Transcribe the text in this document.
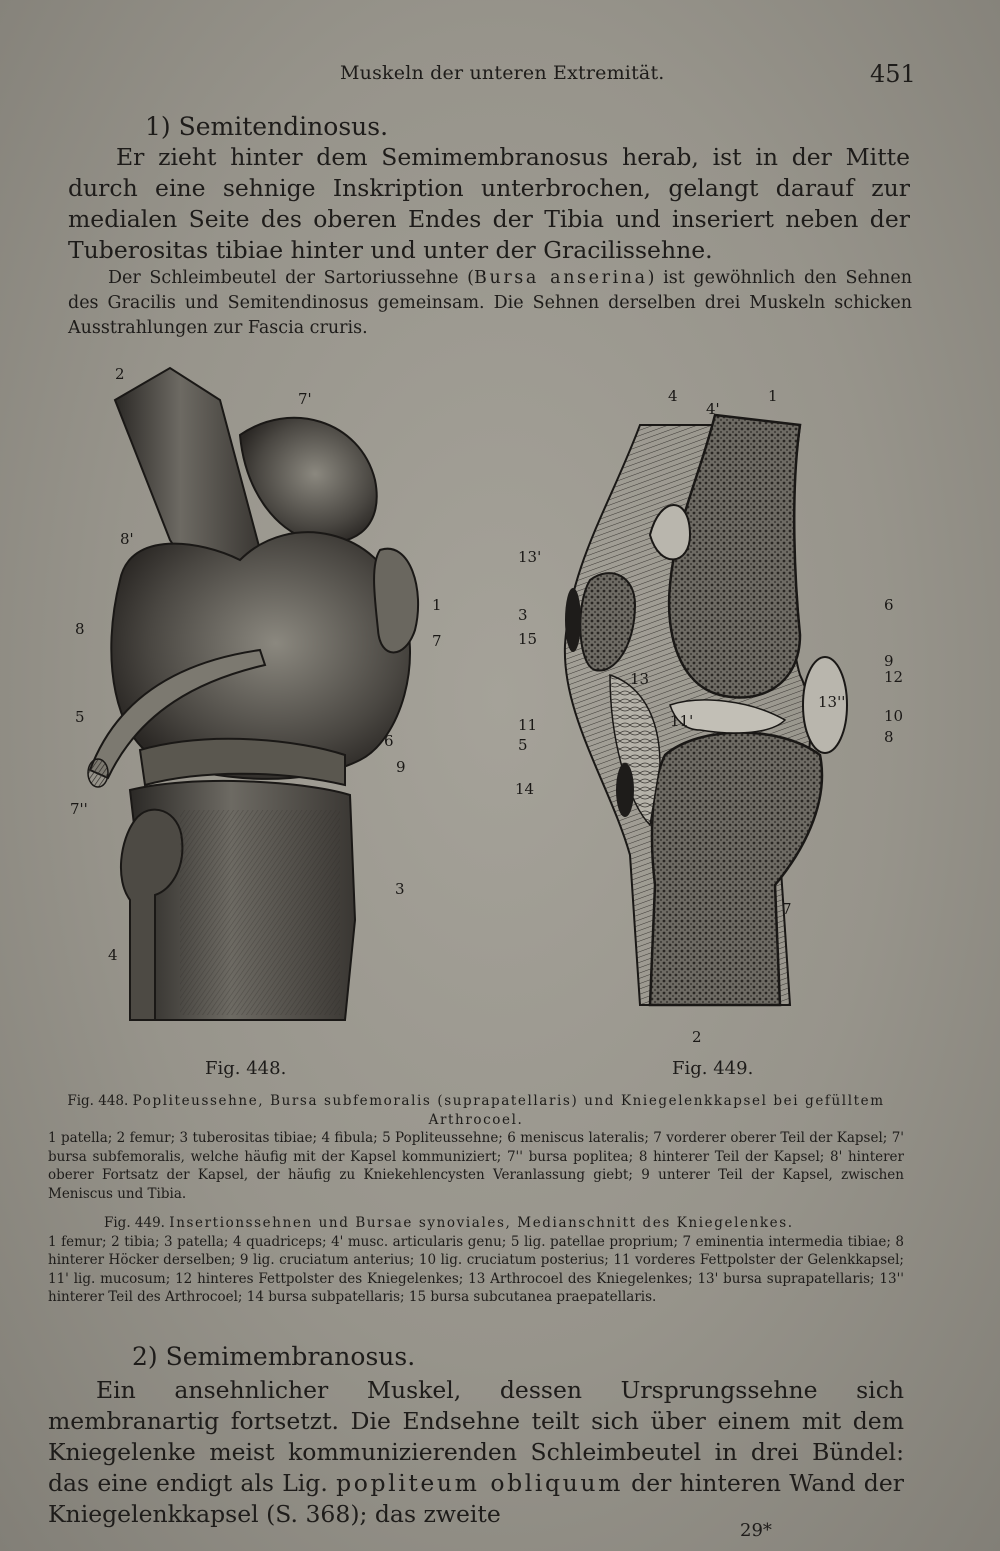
Muskeln der unteren Extremität.	451
1) Semitendinosus.
Er zieht hinter dem Semimembranosus herab, ist in der Mitte durch eine sehnige Inskription unterbrochen, gelangt darauf zur medialen Seite des oberen Endes der Tibia und inseriert neben der Tuberositas tibiae hinter und unter der Gracilissehne.
Der Schleimbeutel der Sartoriussehne (Bursa anserina) ist gewöhnlich den Sehnen des Gracilis und Semitendinosus gemeinsam. Die Sehnen derselben drei Muskeln schicken Ausstrahlungen zur Fascia cruris.
2
7'
8'
8
1
7
5
6
9
7''
3
4
4
4'
1
13'
3
15
6
13
9
12
13''
11'	10
8
11
5
14
7
2
Fig. 448.	Fig. 449.
Fig. 448. Popliteussehne, Bursa subfemoralis (suprapatellaris) und Kniegelenkkapsel bei gefülltem Arthrocoel.
1 patella; 2 femur; 3 tuberositas tibiae; 4 fibula; 5 Popliteussehne; 6 meniscus lateralis; 7 vorderer oberer Teil der Kapsel; 7' bursa subfemoralis, welche häufig mit der Kapsel kommuniziert; 7'' bursa poplitea; 8 hinterer Teil der Kapsel; 8' hinterer oberer Fortsatz der Kapsel, der häufig zu Kniekehlencysten Veranlassung giebt; 9 unterer Teil der Kapsel, zwischen Meniscus und Tibia.
Fig. 449. Insertionssehnen und Bursae synoviales, Medianschnitt des Kniegelenkes.
1 femur; 2 tibia; 3 patella; 4 quadriceps; 4' musc. articularis genu; 5 lig. patellae proprium; 7 eminentia intermedia tibiae; 8 hinterer Höcker derselben; 9 lig. cruciatum anterius; 10 lig. cruciatum posterius; 11 vorderes Fettpolster der Gelenkkapsel; 11' lig. mucosum; 12 hinteres Fettpolster des Kniegelenkes; 13 Arthrocoel des Kniegelenkes; 13' bursa suprapatellaris; 13'' hinterer Teil des Arthrocoel; 14 bursa subpatellaris; 15 bursa subcutanea praepatellaris.
2) Semimembranosus.
Ein ansehnlicher Muskel, dessen Ursprungssehne sich membranartig fortsetzt. Die Endsehne teilt sich über einem mit dem Kniegelenke meist kommunizierenden Schleimbeutel in drei Bündel: das eine endigt als Lig. popliteum obliquum der hinteren Wand der Kniegelenkkapsel (S. 368); das zweite
29*
